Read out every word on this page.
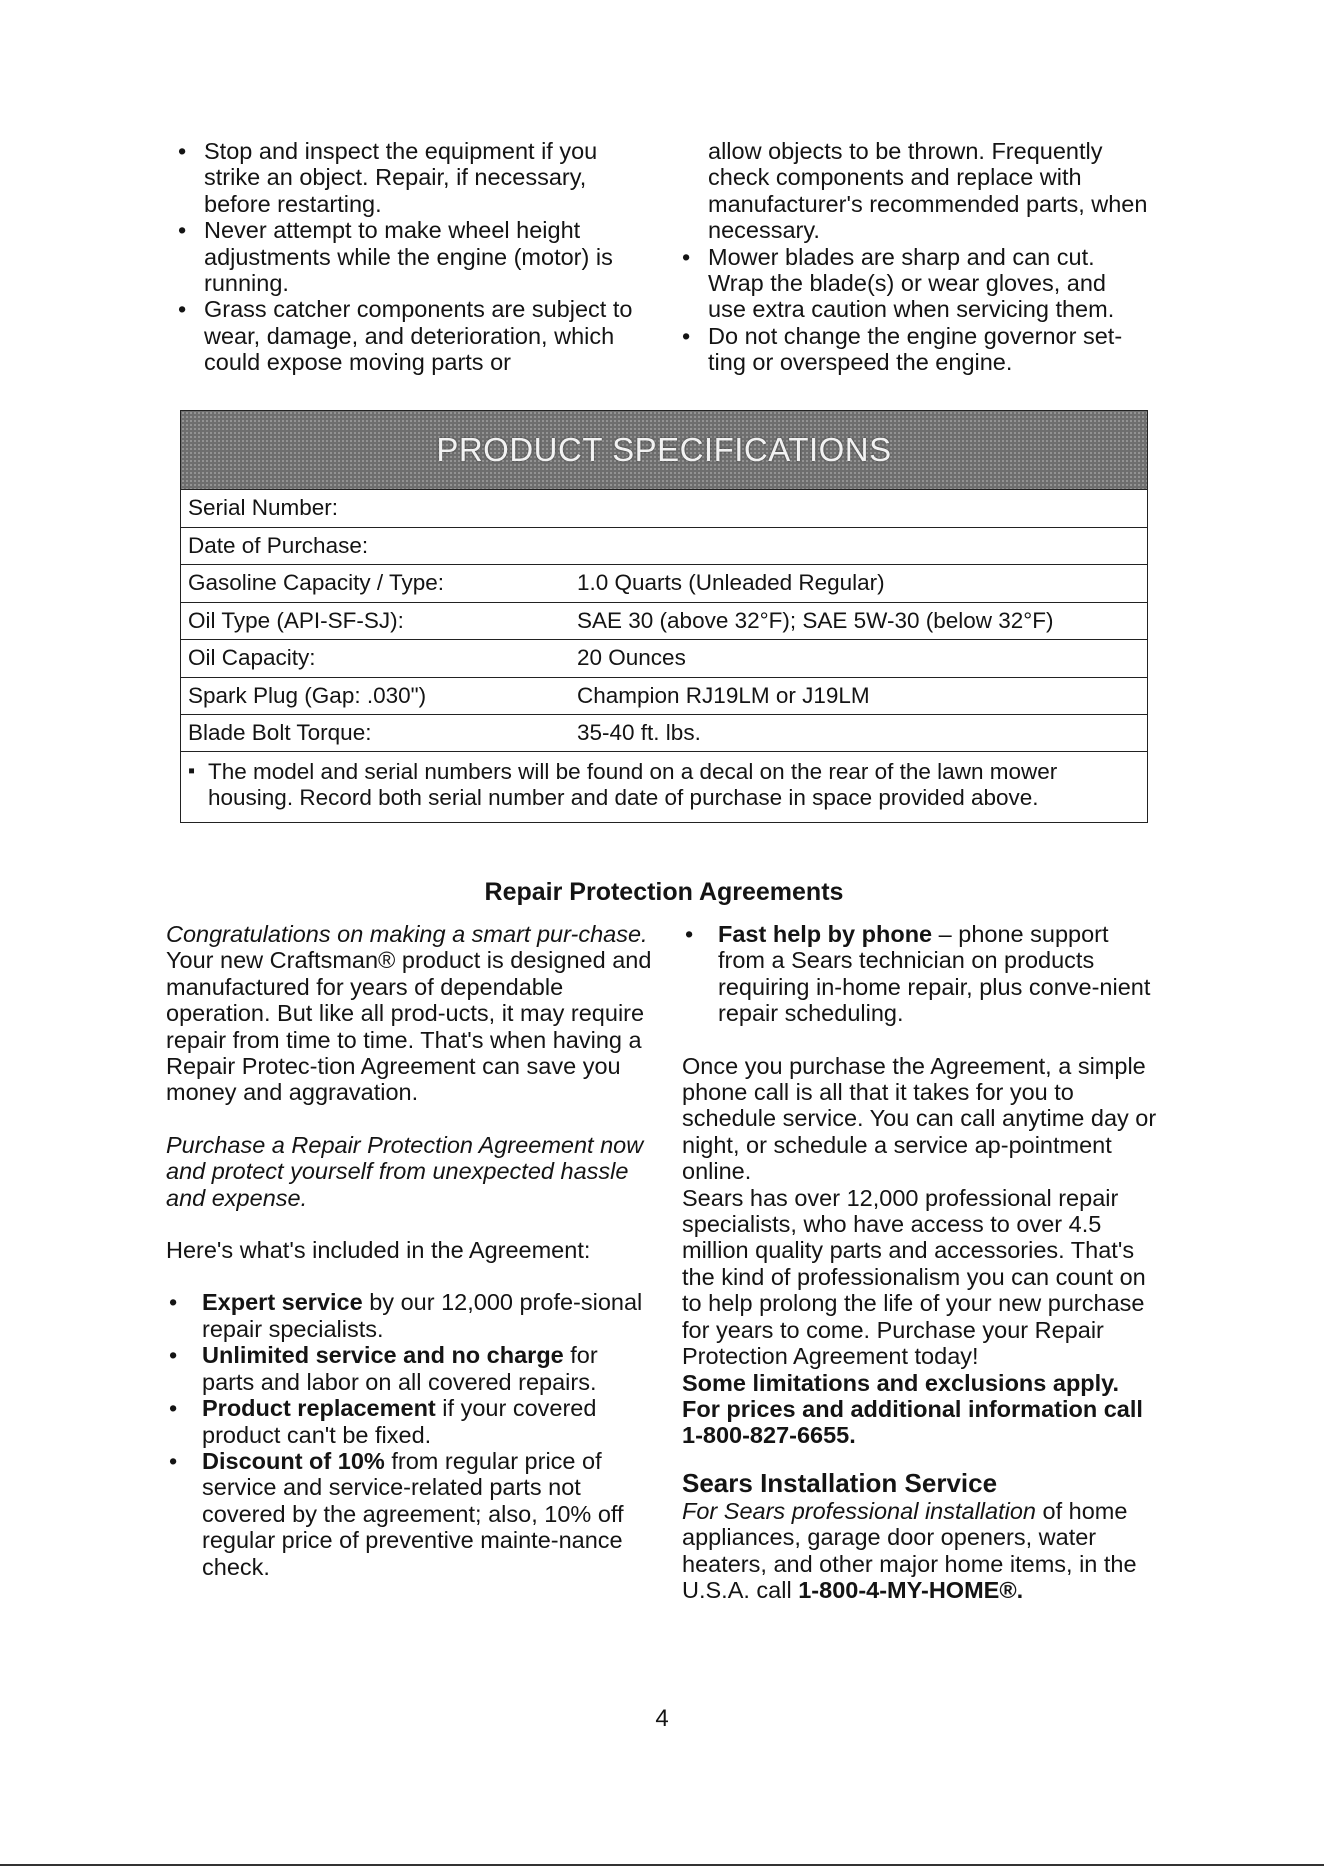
• Stop and inspect the equipment if you strike an object. Repair, if necessary, before restarting.
• Never attempt to make wheel height adjustments while the engine (motor) is running.
• Grass catcher components are subject to wear, damage, and deterioration, which could expose moving parts or

allow objects to be thrown. Frequently check components and replace with manufacturer's recommended parts, when necessary.

• Mower blades are sharp and can cut. Wrap the blade(s) or wear gloves, and use extra caution when servicing them.
• Do not change the engine governor set-ting or overspeed the engine.
PRODUCT SPECIFICATIONS
Serial Number:
Date of Purchase:
Gasoline Capacity / Type:	1.0 Quarts (Unleaded Regular)
Oil Type (API-SF-SJ):	SAE 30 (above 32°F); SAE 5W-30 (below 32°F)
Oil Capacity:	20 Ounces
Spark Plug (Gap: .030")	Champion RJ19LM or J19LM
Blade Bolt Torque:	35-40 ft. lbs.
▪ The model and serial numbers will be found on a decal on the rear of the lawn mower housing. Record both serial number and date of purchase in space provided above.
Repair Protection Agreements

Congratulations on making a smart pur-chase. Your new Craftsman® product is designed and manufactured for years of dependable operation. But like all prod-ucts, it may require repair from time to time. That's when having a Repair Protec-tion Agreement can save you money and aggravation.

Purchase a Repair Protection Agreement now and protect yourself from unexpected hassle and expense.

Here's what's included in the Agreement:

• Expert service by our 12,000 profe-sional repair specialists.
• Unlimited service and no charge for parts and labor on all covered repairs.
• Product replacement if your covered product can't be fixed.
• Discount of 10% from regular price of service and service-related parts not covered by the agreement; also, 10% off regular price of preventive mainte-nance check.
• Fast help by phone – phone support from a Sears technician on products requiring in-home repair, plus conve-nient repair scheduling.

Once you purchase the Agreement, a simple phone call is all that it takes for you to schedule service. You can call anytime day or night, or schedule a service ap-pointment online.

Sears has over 12,000 professional repair specialists, who have access to over 4.5 million quality parts and accessories. That's the kind of professionalism you can count on to help prolong the life of your new purchase for years to come. Purchase your Repair Protection Agreement today!

Some limitations and exclusions apply. For prices and additional information call 1-800-827-6655.

Sears Installation Service

For Sears professional installation of home appliances, garage door openers, water heaters, and other major home items, in the U.S.A. call 1-800-4-MY-HOME®.

4
